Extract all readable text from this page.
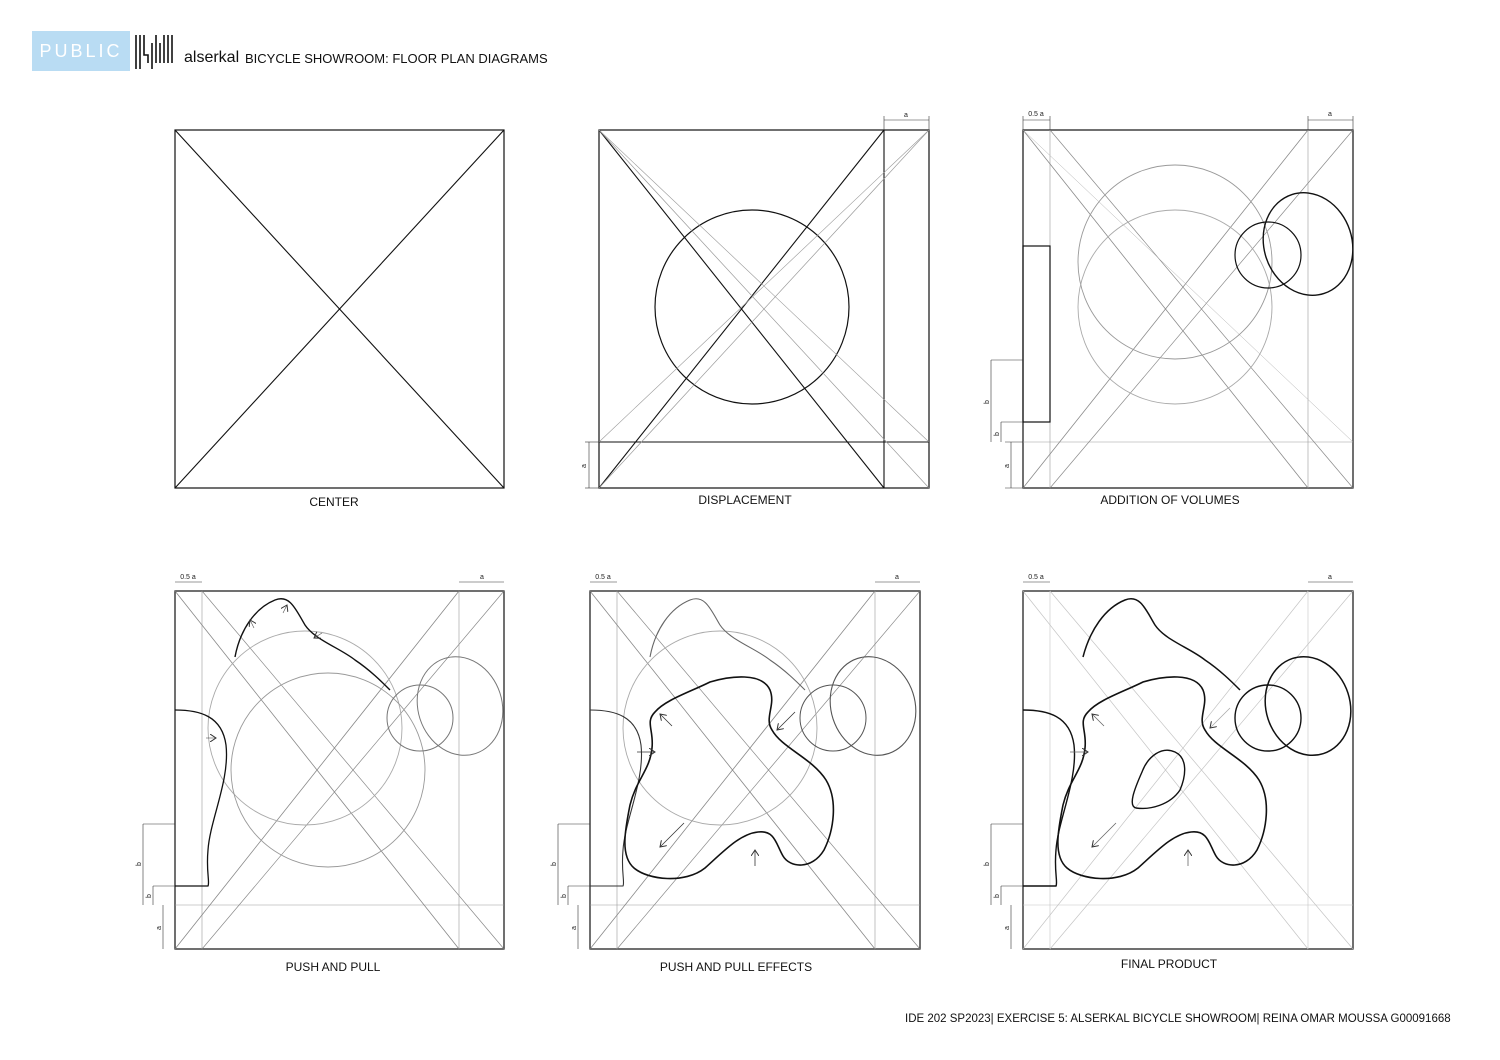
PUBLIC	alserkal BICYCLE SHOWROOM: FLOOR PLAN DIAGRAMS
CENTER
a
a
DISPLACEMENT
0.5 a	a
b
b
a
ADDITION OF VOLUMES
0.5 a	a
b
b
a
PUSH AND PULL
0.5 a	a
b
b
a
PUSH AND PULL EFFECTS
0.5 a	a
b
b
a
FINAL PRODUCT
IDE 202 SP2023| EXERCISE 5: ALSERKAL BICYCLE SHOWROOM| REINA OMAR MOUSSA G00091668
